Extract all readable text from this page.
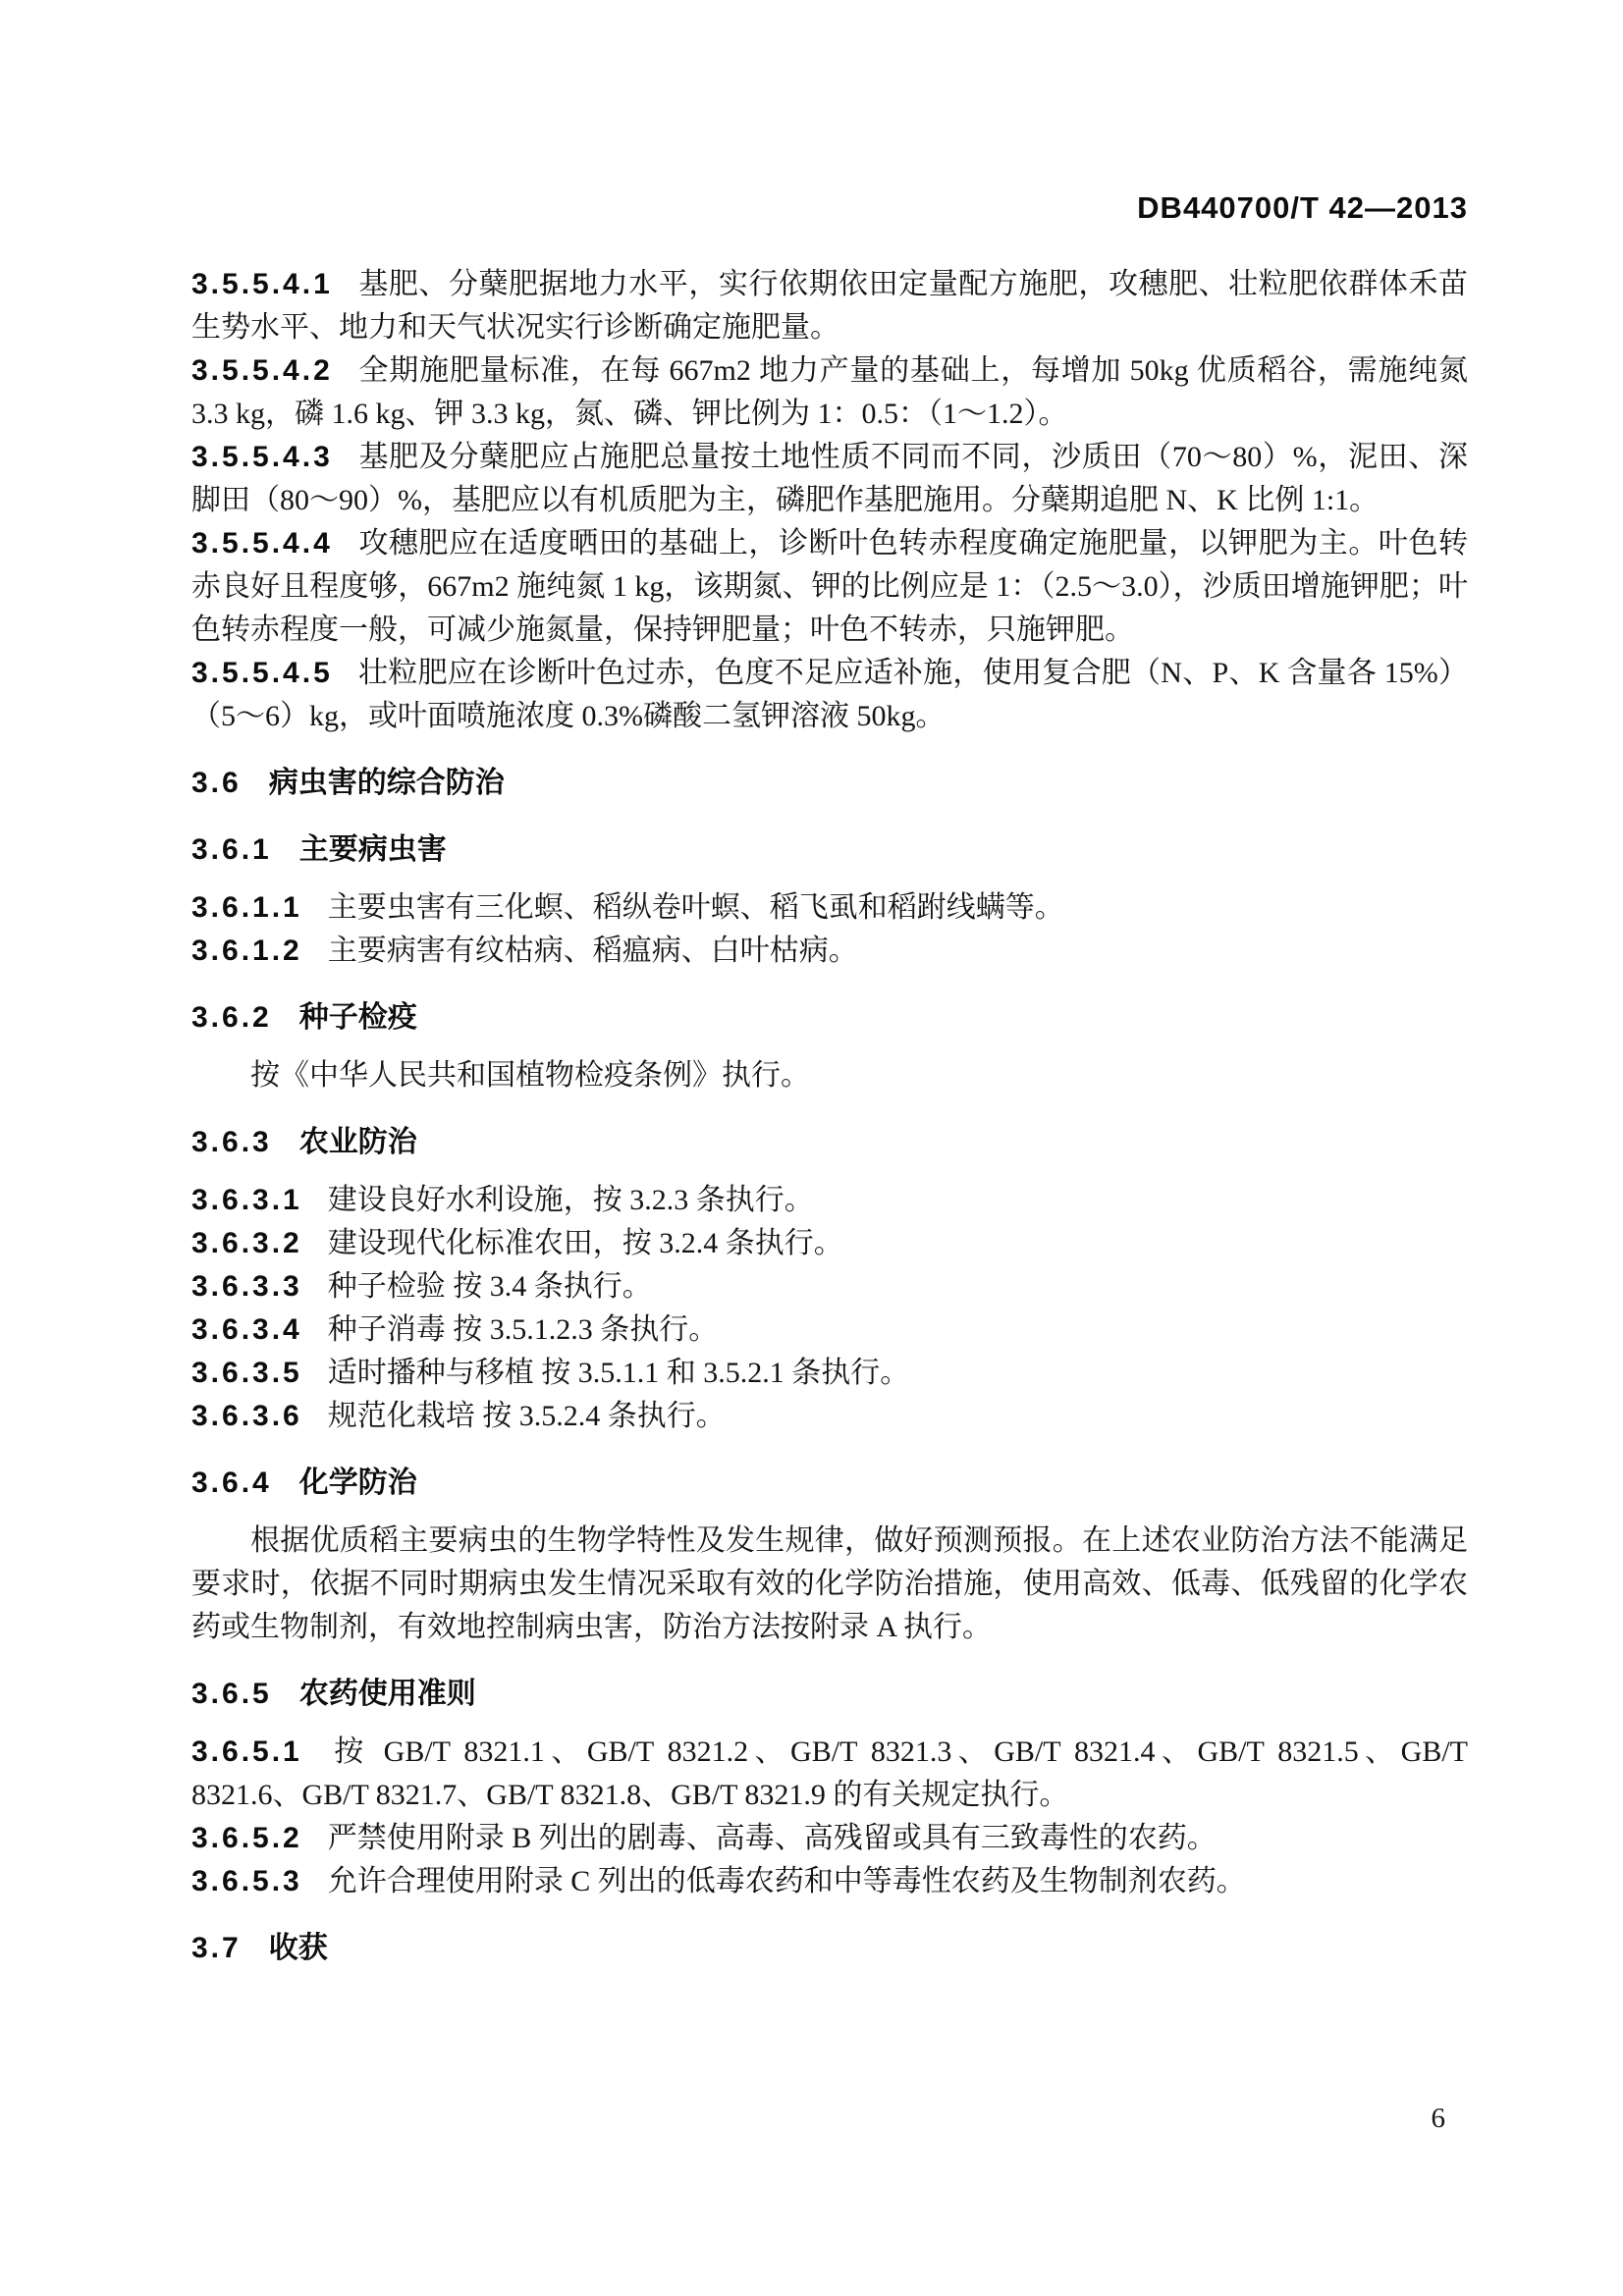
DB440700/T 42—2013

3.5.5.4.1 基肥、分蘖肥据地力水平，实行依期依田定量配方施肥，攻穗肥、壮粒肥依群体禾苗生势水平、地力和天气状况实行诊断确定施肥量。

3.5.5.4.2 全期施肥量标准，在每 667m2 地力产量的基础上，每增加 50kg 优质稻谷，需施纯氮 3.3 kg，磷 1.6 kg、钾 3.3 kg，氮、磷、钾比例为 1：0.5：（1～1.2）。

3.5.5.4.3 基肥及分蘖肥应占施肥总量按土地性质不同而不同，沙质田（70～80）%，泥田、深脚田（80～90）%，基肥应以有机质肥为主，磷肥作基肥施用。分蘖期追肥 N、K 比例 1:1。

3.5.5.4.4 攻穗肥应在适度晒田的基础上，诊断叶色转赤程度确定施肥量，以钾肥为主。叶色转赤良好且程度够，667m2 施纯氮 1 kg，该期氮、钾的比例应是 1：（2.5～3.0），沙质田增施钾肥；叶色转赤程度一般，可减少施氮量，保持钾肥量；叶色不转赤，只施钾肥。

3.5.5.4.5 壮粒肥应在诊断叶色过赤，色度不足应适补施，使用复合肥（N、P、K 含量各 15%）（5～6）kg，或叶面喷施浓度 0.3%磷酸二氢钾溶液 50kg。

3.6 病虫害的综合防治
3.6.1 主要病虫害

3.6.1.1 主要虫害有三化螟、稻纵卷叶螟、稻飞虱和稻跗线螨等。

3.6.1.2 主要病害有纹枯病、稻瘟病、白叶枯病。

3.6.2 种子检疫

按《中华人民共和国植物检疫条例》执行。

3.6.3 农业防治

3.6.3.1 建设良好水利设施，按 3.2.3 条执行。

3.6.3.2 建设现代化标准农田，按 3.2.4 条执行。

3.6.3.3 种子检验 按 3.4 条执行。

3.6.3.4 种子消毒 按 3.5.1.2.3 条执行。

3.6.3.5 适时播种与移植 按 3.5.1.1 和 3.5.2.1 条执行。

3.6.3.6 规范化栽培 按 3.5.2.4 条执行。

3.6.4 化学防治

根据优质稻主要病虫的生物学特性及发生规律，做好预测预报。在上述农业防治方法不能满足要求时，依据不同时期病虫发生情况采取有效的化学防治措施，使用高效、低毒、低残留的化学农药或生物制剂，有效地控制病虫害，防治方法按附录 A 执行。

3.6.5 农药使用准则

3.6.5.1 按 GB/T 8321.1、GB/T 8321.2、GB/T 8321.3、GB/T 8321.4、GB/T 8321.5、GB/T 8321.6、GB/T 8321.7、GB/T 8321.8、GB/T 8321.9 的有关规定执行。

3.6.5.2 严禁使用附录 B 列出的剧毒、高毒、高残留或具有三致毒性的农药。

3.6.5.3 允许合理使用附录 C 列出的低毒农药和中等毒性农药及生物制剂农药。

3.7 收获
6
